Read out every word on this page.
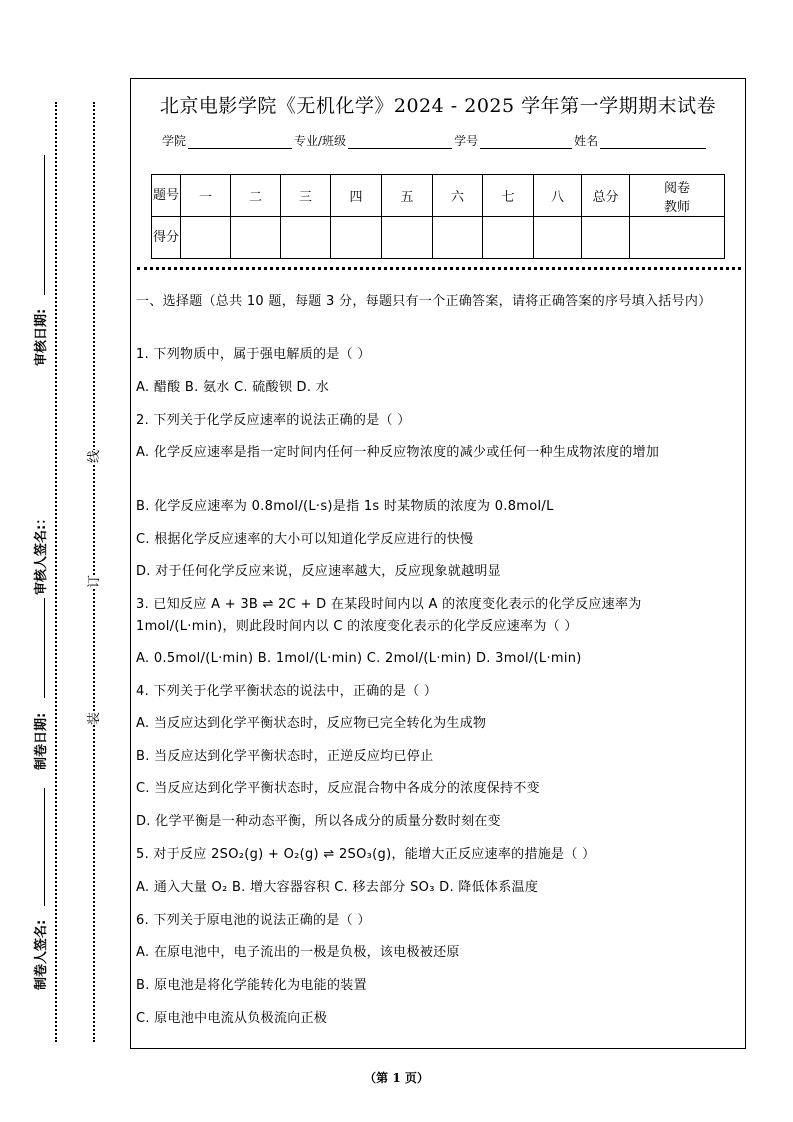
审核日期:
审核人签名:：
制卷日期:
制卷人签名:
线
订
装
北京电影学院《无机化学》2024 - 2025 学年第一学期期末试卷
学院	专业/班级	学号	姓名
题号	一	二	三	四	五	六	七	八	总分	阅卷教师
得分										

一、选择题（总共 10 题，每题 3 分，每题只有一个正确答案，请将正确答案的序号填入括号内）

1. 下列物质中，属于强电解质的是（ ）

A. 醋酸 B. 氨水 C. 硫酸钡 D. 水

2. 下列关于化学反应速率的说法正确的是（ ）

A. 化学反应速率是指一定时间内任何一种反应物浓度的减少或任何一种生成物浓度的增加

B. 化学反应速率为 0.8mol/(L·s)是指 1s 时某物质的浓度为 0.8mol/L

C. 根据化学反应速率的大小可以知道化学反应进行的快慢

D. 对于任何化学反应来说，反应速率越大，反应现象就越明显

3. 已知反应 A + 3B ⇌ 2C + D 在某段时间内以 A 的浓度变化表示的化学反应速率为 1mol/(L·min)，则此段时间内以 C 的浓度变化表示的化学反应速率为（ ）

A. 0.5mol/(L·min) B. 1mol/(L·min) C. 2mol/(L·min) D. 3mol/(L·min)

4. 下列关于化学平衡状态的说法中，正确的是（ ）

A. 当反应达到化学平衡状态时，反应物已完全转化为生成物

B. 当反应达到化学平衡状态时，正逆反应均已停止

C. 当反应达到化学平衡状态时，反应混合物中各成分的浓度保持不变

D. 化学平衡是一种动态平衡，所以各成分的质量分数时刻在变

5. 对于反应 2SO₂(g) + O₂(g) ⇌ 2SO₃(g)，能增大正反应速率的措施是（ ）

A. 通入大量 O₂ B. 增大容器容积 C. 移去部分 SO₃ D. 降低体系温度

6. 下列关于原电池的说法正确的是（ ）

A. 在原电池中，电子流出的一极是负极，该电极被还原

B. 原电池是将化学能转化为电能的装置

C. 原电池中电流从负极流向正极

（第 1 页）
